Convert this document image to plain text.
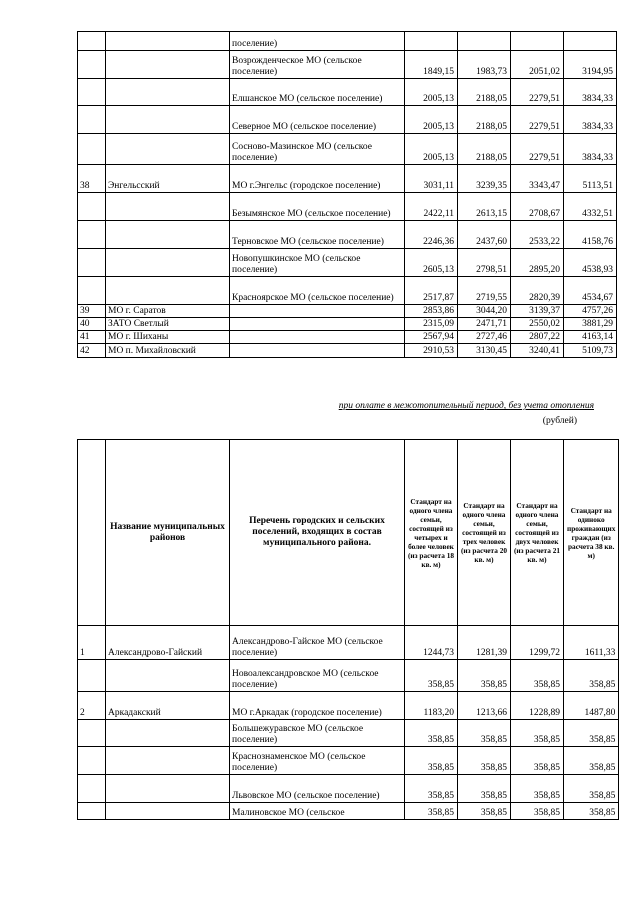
		поселение)				
		Возрожденческое МО (сельское поселение)	1849,15	1983,73	2051,02	3194,95
		Елшанское МО (сельское поселение)	2005,13	2188,05	2279,51	3834,33
		Северное МО (сельское поселение)	2005,13	2188,05	2279,51	3834,33
		Сосново-Мазинское МО (сельское поселение)	2005,13	2188,05	2279,51	3834,33
38	Энгельсский	МО г.Энгельс (городское поселение)	3031,11	3239,35	3343,47	5113,51
		Безымянское МО (сельское поселение)	2422,11	2613,15	2708,67	4332,51
		Терновское МО (сельское поселение)	2246,36	2437,60	2533,22	4158,76
		Новопушкинское МО (сельское поселение)	2605,13	2798,51	2895,20	4538,93
		Краснoярское МО (сельское поселение)	2517,87	2719,55	2820,39	4534,67
39	МО г. Саратов		2853,86	3044,20	3139,37	4757,26
40	ЗАТО Светлый		2315,09	2471,71	2550,02	3881,29
41	МО г. Шиханы		2567,94	2727,46	2807,22	4163,14
42	МО п. Михайловский		2910,53	3130,45	3240,41	5109,73
при оплате в межотопительный период, без учета отопления
(рублей)
	Название муниципальных районов	Перечень городских и сельских поселений, входящих в состав муниципального района.	Стандарт на одного члена семьи, состоящей из четырех и более человек (из расчета 18 кв. м)	Стандарт на одного члена семьи, состоящей из трех человек (из расчета 20 кв. м)	Стандарт на одного члена семьи, состоящей из двух человек (из расчета 21 кв. м)	Стандарт на одиноко проживающих граждан (из расчета 38 кв. м)
1	Александрово-Гайский	Александрово-Гайское МО (сельское поселение)	1244,73	1281,39	1299,72	1611,33
		Новоалександровское МО (сельское поселение)	358,85	358,85	358,85	358,85
2	Аркадакский	МО г.Аркадак (городское поселение)	1183,20	1213,66	1228,89	1487,80
		Большежуравское МО (сельское поселение)	358,85	358,85	358,85	358,85
		Краснознаменское МО (сельское поселение)	358,85	358,85	358,85	358,85
		Львовское МО (сельское поселение)	358,85	358,85	358,85	358,85
		Малиновское МО (сельское	358,85	358,85	358,85	358,85
